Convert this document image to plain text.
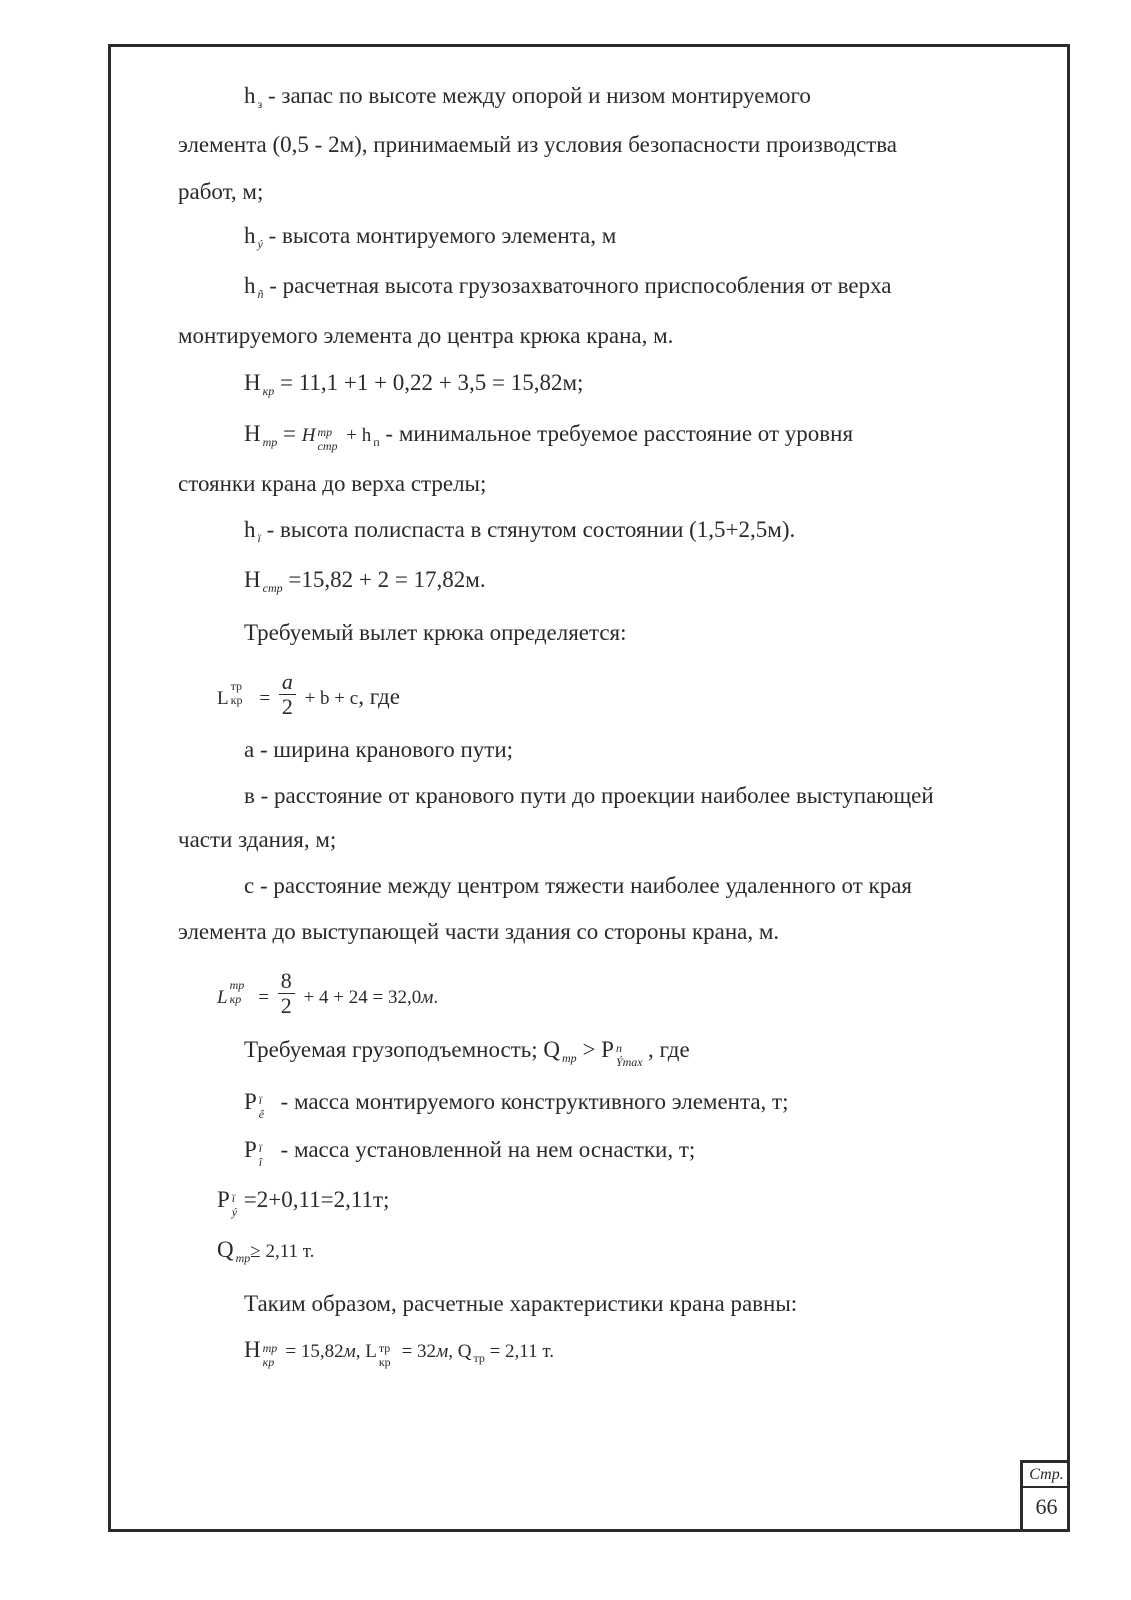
h $_з$ - запас по высоте между опорой и низом монтируемого
элемента (0,5 - 2м), принимаемый из условия безопасности производства
работ, м;
h $_ý$ - высота монтируемого элемента, м
h $_ñ$ - расчетная высота грузозахваточного приспособления от верха
монтируемого элемента до центра крюка крана, м.
H $_{кр}$ = 11,1 +1 + 0,22 + 3,5 = 15,82м;
H $_{тр}$ = H тр
стр + h $_п$ - минимальное требуемое расстояние от уровня
стоянки крана до верха стрелы;
h $_ï$ - высота полиспаста в стянутом состоянии (1,5+2,5м).
H $_{стр}$ =15,82 + 2 = 17,82м.
Требуемый вылет крюка определяется:
L
тр
кр = $\frac{a}{2} + b + c$, где
a - ширина кранового пути;
в - расстояние от кранового пути до проекции наиболее выступающей
части здания, м;
c - расстояние между центром тяжести наиболее удаленного от края
элемента до выступающей части здания со стороны крана, м.
L
тр
кр = $\frac{8}{2} + 4 + 24 = 32,0м$.
Требуемая грузоподъемность; Q $_{тр}$ > P n
Ýmax , где
P ï
ê - масса монтируемого конструктивного элемента, т;
P ï
î - масса установленной на нем оснастки, т;
P ï
ý =2+0,11=2,11т;
Q $_{тр}$≥ 2,11 т.
Таким образом, расчетные характеристики крана равны:
H тр
кр = 15,82м, L тр
кр = 32м, Q $_{тр}$ = 2,11 т.
Стр.
66
